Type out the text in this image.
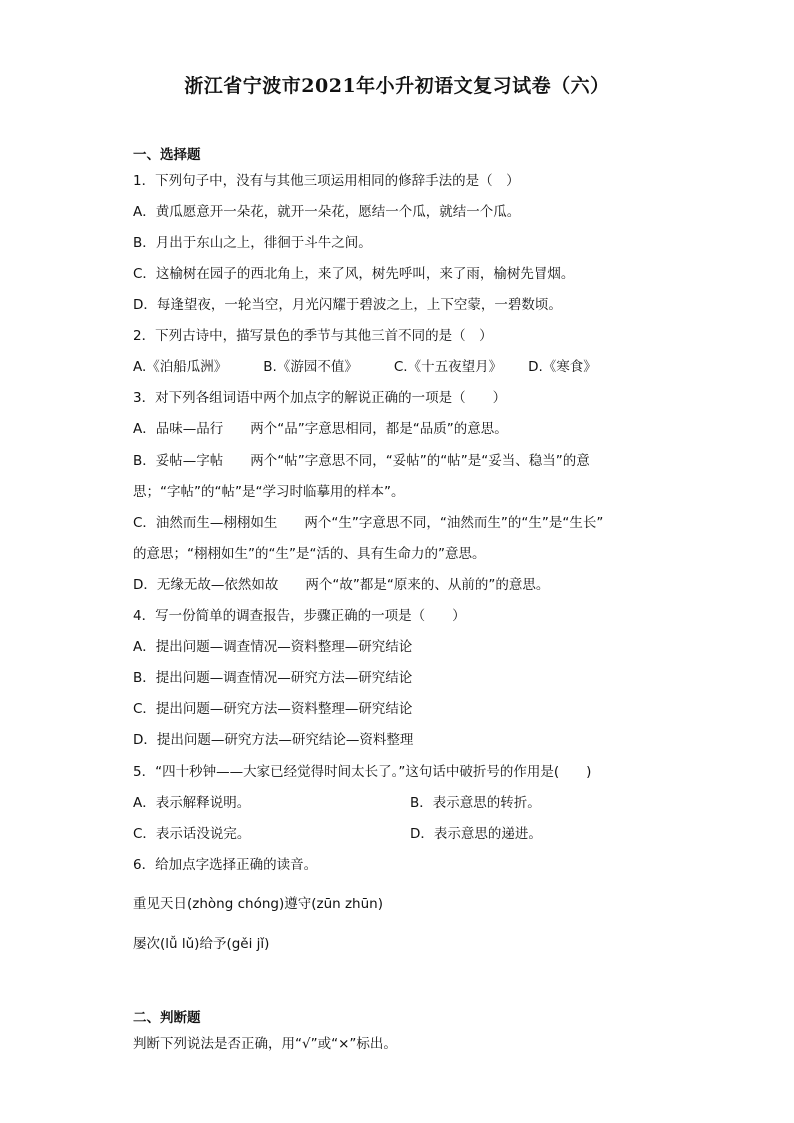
浙江省宁波市2021年小升初语文复习试卷（六）
一、选择题
1．下列句子中，没有与其他三项运用相同的修辞手法的是（　）
A．黄瓜愿意开一朵花，就开一朵花，愿结一个瓜，就结一个瓜。
B．月出于东山之上，徘徊于斗牛之间。
C．这榆树在园子的西北角上，来了风，树先呼叫，来了雨，榆树先冒烟。
D．每逢望夜，一轮当空，月光闪耀于碧波之上，上下空蒙，一碧数顷。
2．下列古诗中，描写景色的季节与其他三首不同的是（　）
A.《泊船瓜洲》	B.《游园不值》	C.《十五夜望月》 D.《寒食》
3．对下列各组词语中两个加点字的解说正确的一项是（　　）
A．品味—品行　　两个“品”字意思相同，都是“品质”的意思。
B．妥帖—字帖　　两个“帖”字意思不同，“妥帖”的“帖”是“妥当、稳当”的意
思；“字帖”的“帖”是“学习时临摹用的样本”。
C．油然而生—栩栩如生　　两个“生”字意思不同，“油然而生”的“生”是“生长”
的意思；“栩栩如生”的“生”是“活的、具有生命力的”意思。
D．无缘无故—依然如故　　两个“故”都是“原来的、从前的”的意思。
4．写一份简单的调查报告，步骤正确的一项是（　　）
A．提出问题—调查情况—资料整理—研究结论
B．提出问题—调查情况—研究方法—研究结论
C．提出问题—研究方法—资料整理—研究结论
D．提出问题—研究方法—研究结论—资料整理
5．“四十秒钟——大家已经觉得时间太长了。”这句话中破折号的作用是(　　)
A．表示解释说明。	B．表示意思的转折。
C．表示话没说完。	D．表示意思的递进。
6．给加点字选择正确的读音。
重见天日(zhòng chóng)遵守(zūn zhūn)
屡次(lǚ lǔ)给予(gěi jǐ)
二、判断题
判断下列说法是否正确，用“√”或“×”标出。
